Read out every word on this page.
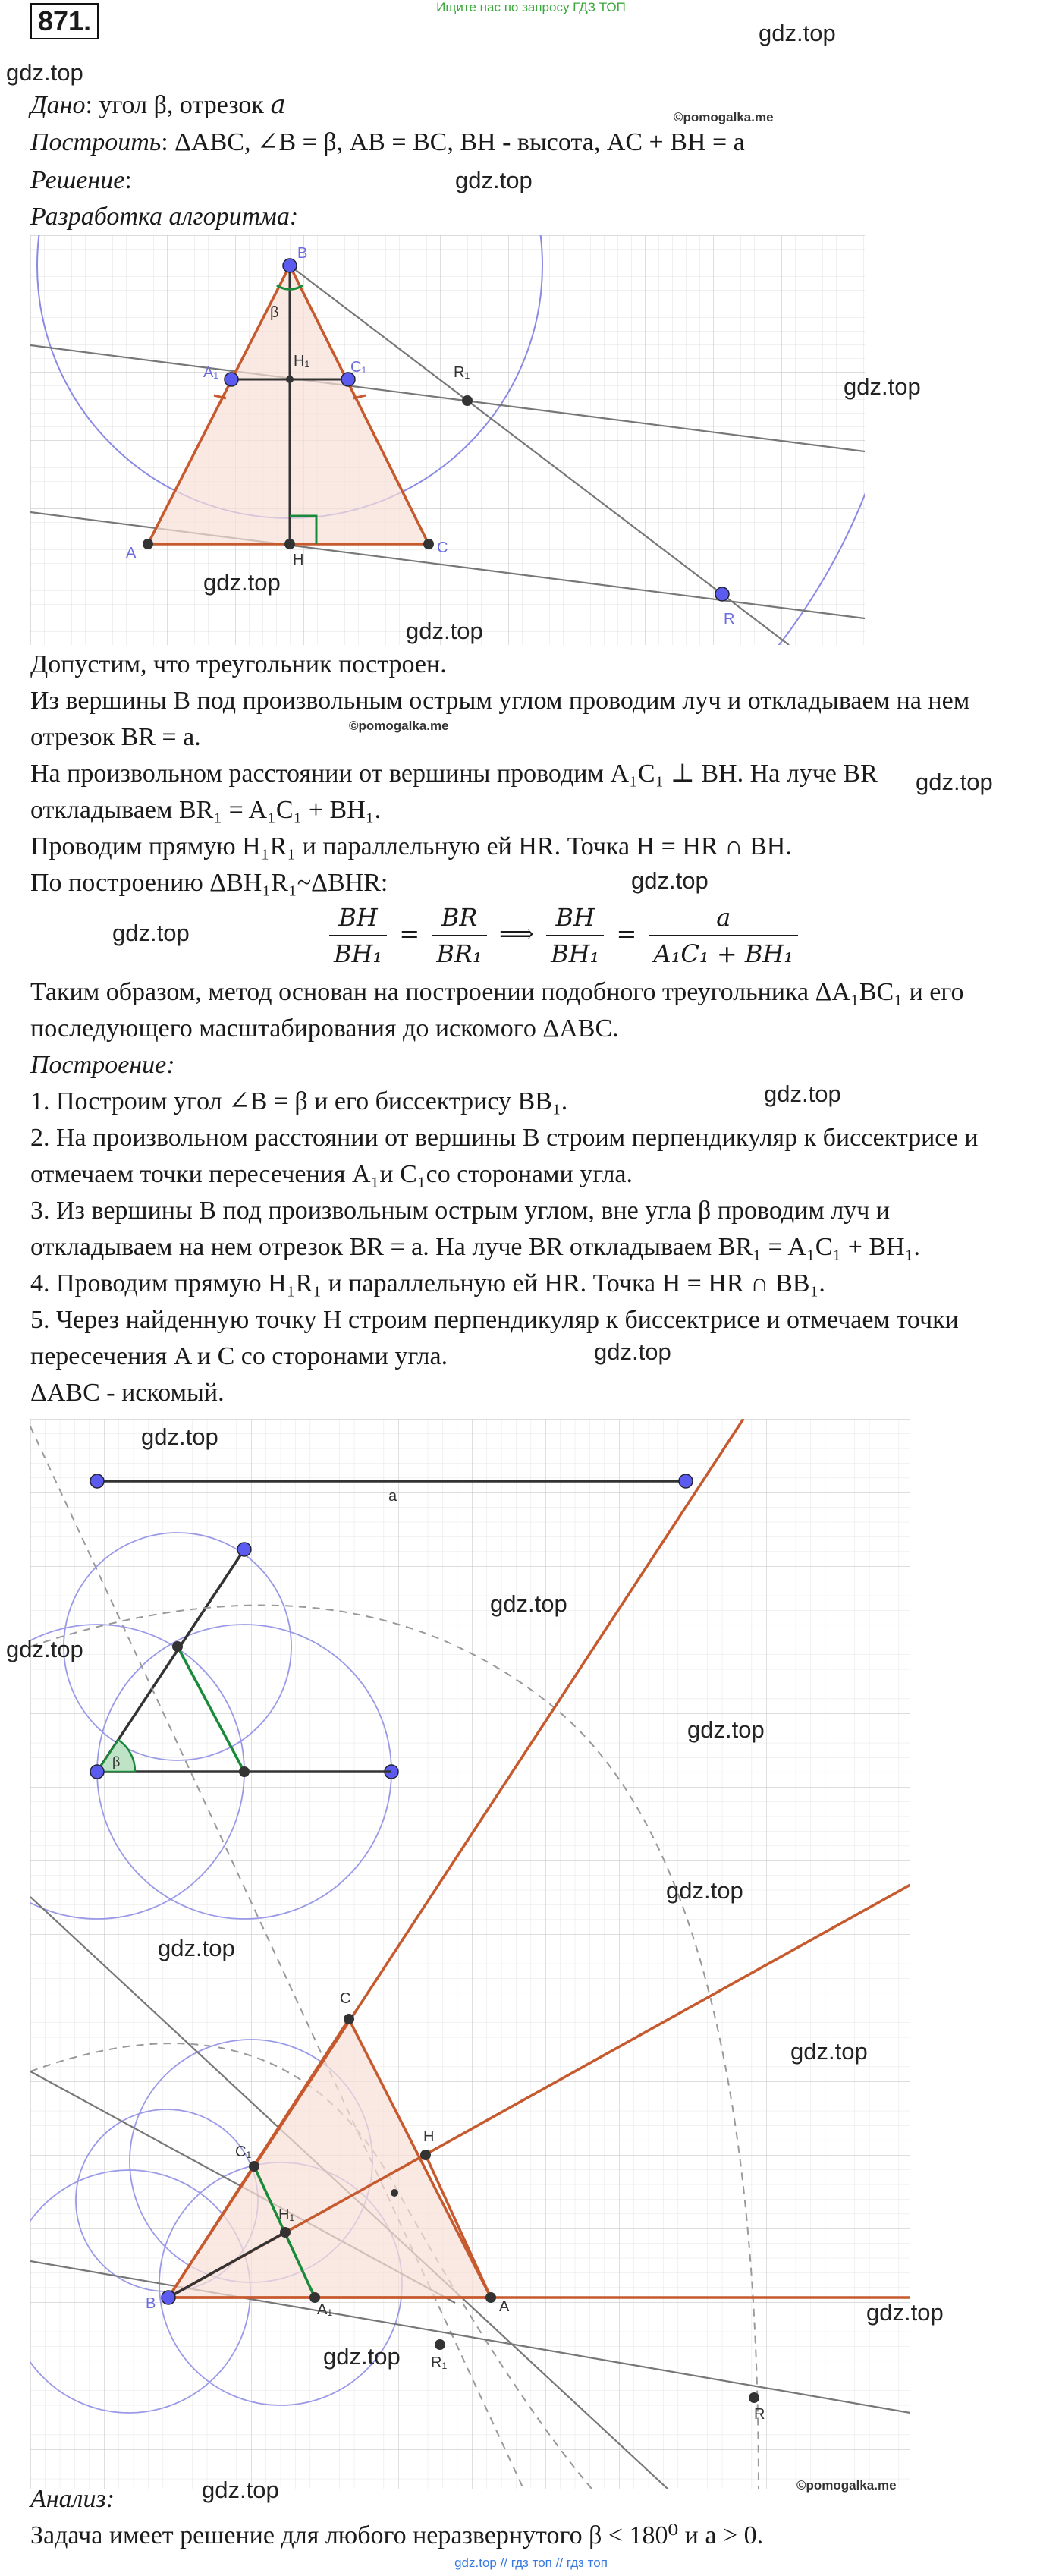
Ищите нас по запросу ГДЗ ТОП
871.	gdz.top
gdz.top
©pomogalka.me
Дано: угол β, отрезок a
Построить: ΔABC, ∠B = β, AB = BC, BH - высота, AC + BH = a
Решение:	gdz.top
Разработка алгоритма:
B
β
A₁
H₁	C₁	R₁
A	H
C
R
gdz.top
gdz.top
gdz.top
Допустим, что треугольник построен.
Из вершины B под произвольным острым углом проводим луч и откладываем на нем
отрезок BR = a.	©pomogalka.me
На произвольном расстоянии от вершины проводим A₁C₁ ⊥ BH. На луче BR gdz.top
откладываем BR₁ = A₁C₁ + BH₁.
Проводим прямую H₁R₁ и параллельную ей HR. Точка H = HR ∩ BH.
По построению ΔBH₁R₁~ΔBHR:	gdz.top
gdz.top	$\frac{BH}{\text{BH₁}} = \frac{BR}{\text{BR₁}}$ ⟹ $\frac{BH}{\text{BH₁}} = \frac{a}{\text{A₁C₁ + BH₁}}$
Таким образом, метод основан на построении подобного треугольника ΔA₁BC₁ и его
последующего масштабирования до искомого ΔABC.
Построение:
1. Построим угол ∠B = β и его биссектрису BB₁.	gdz.top
2. На произвольном расстоянии от вершины B строим перпендикуляр к биссектрисе и
отмечаем точки пересечения A₁и C₁со сторонами угла.
3. Из вершины B под произвольным острым углом, вне угла β проводим луч и
откладываем на нем отрезок BR = a. На луче BR откладываем BR₁ = A₁C₁ + BH₁.
4. Проводим прямую H₁R₁ и параллельную ей HR. Точка H = HR ∩ BB₁.
5. Через найденную точку H строим перпендикуляр к биссектрисе и отмечаем точки
пересечения A и C со сторонами угла.	gdz.top
ΔABC - искомый.
a
β
C
C₁
H
H₁
B	A₁	A
R₁
R
gdz.top
gdz.top
gdz.top
gdz.top
gdz.top
gdz.top
gdz.top
gdz.top
gdz.top
gdz.top	©pomogalka.me
Анализ:
Задача имеет решение для любого неразвернутого β < 180⁰ и a > 0.
gdz.top // гдз топ // гдз топ
